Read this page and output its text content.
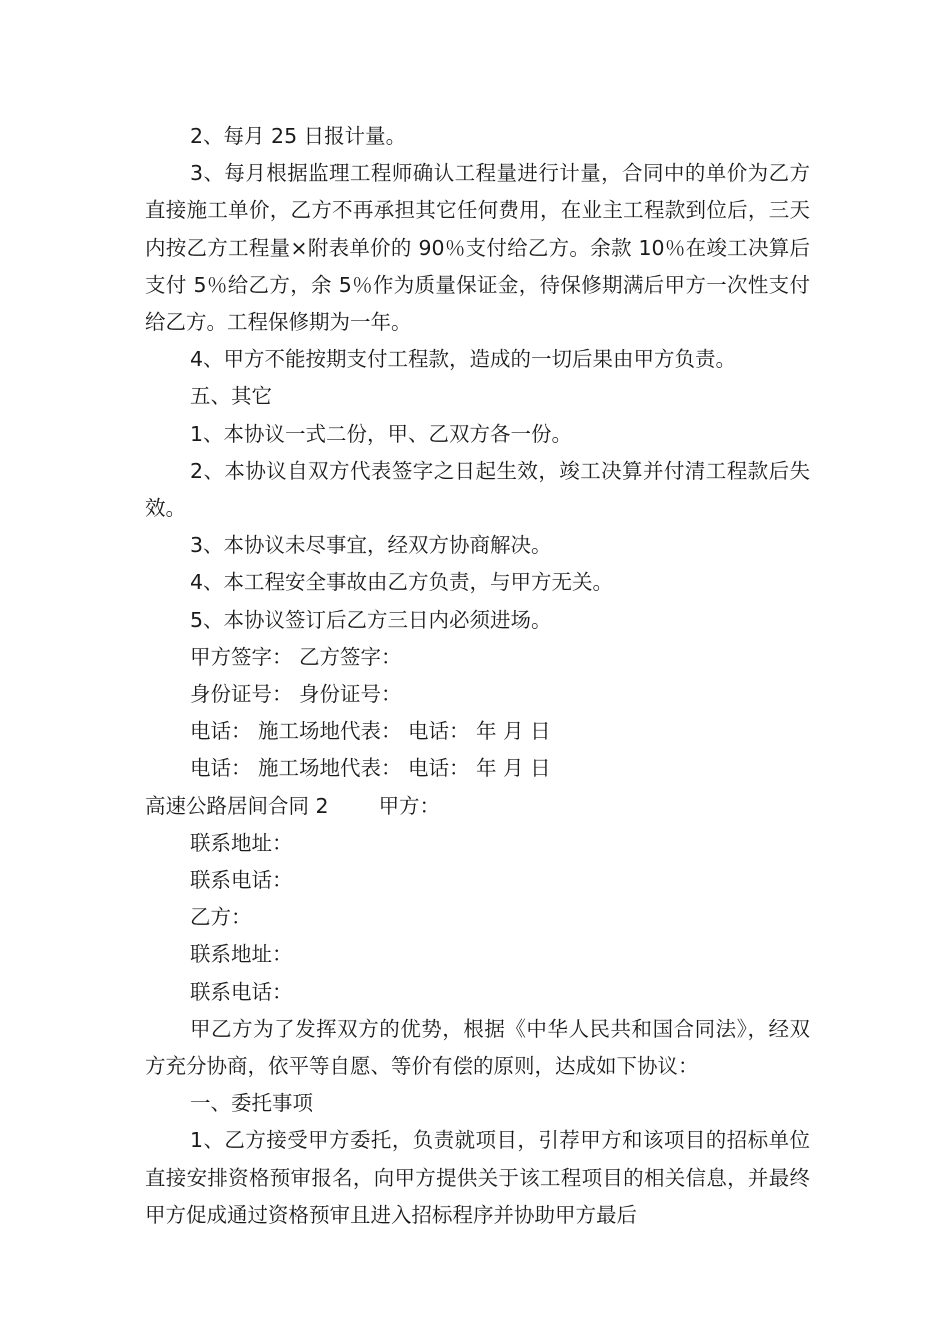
2、每月 25 日报计量。

3、每月根据监理工程师确认工程量进行计量，合同中的单价为乙方直接施工单价，乙方不再承担其它任何费用，在业主工程款到位后，三天内按乙方工程量×附表单价的 90％支付给乙方。余款 10％在竣工决算后支付 5％给乙方，余 5％作为质量保证金，待保修期满后甲方一次性支付给乙方。工程保修期为一年。

4、甲方不能按期支付工程款，造成的一切后果由甲方负责。

五、其它

1、本协议一式二份，甲、乙双方各一份。

2、本协议自双方代表签字之日起生效，竣工决算并付清工程款后失效。

3、本协议未尽事宜，经双方协商解决。

4、本工程安全事故由乙方负责，与甲方无关。

5、本协议签订后乙方三日内必须进场。

甲方签字： 乙方签字：

身份证号： 身份证号：

电话： 施工场地代表： 电话： 年 月 日

电话： 施工场地代表： 电话： 年 月 日

高速公路居间合同 2 甲方：

联系地址：

联系电话：

乙方：

联系地址：

联系电话：

甲乙方为了发挥双方的优势，根据《中华人民共和国合同法》，经双方充分协商，依平等自愿、等价有偿的原则，达成如下协议：

一、委托事项

1、乙方接受甲方委托，负责就项目，引荐甲方和该项目的招标单位直接安排资格预审报名，向甲方提供关于该工程项目的相关信息，并最终甲方促成通过资格预审且进入招标程序并协助甲方最后
